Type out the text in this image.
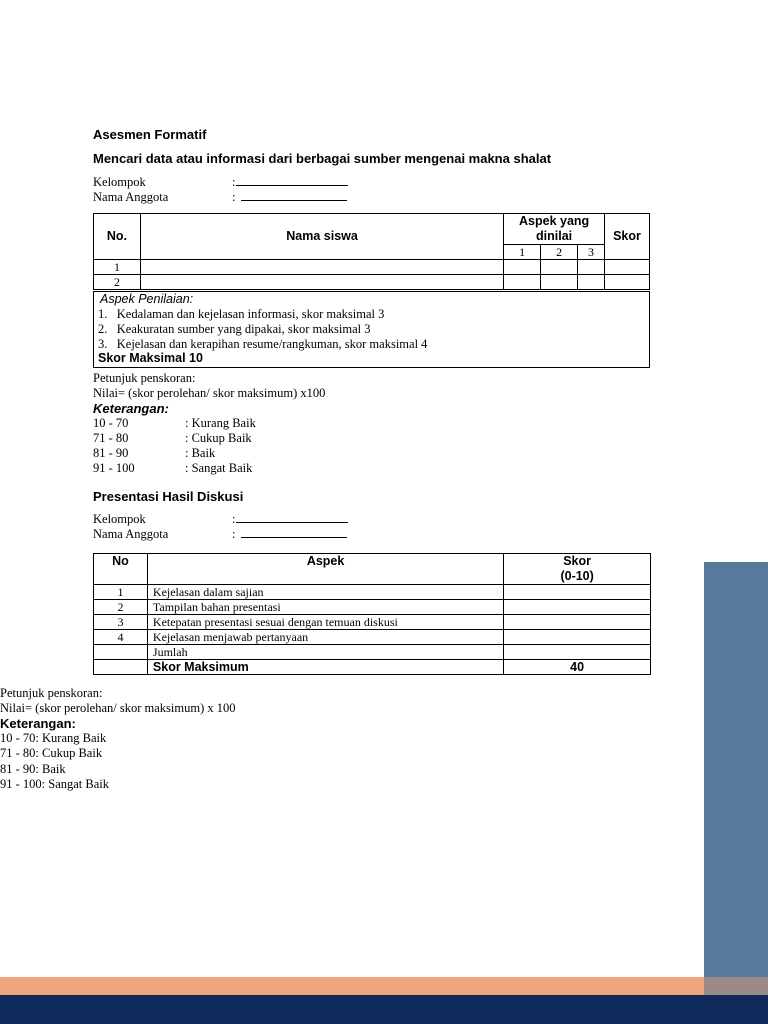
Asesmen Formatif
Mencari data atau informasi dari berbagai sumber mengenai makna shalat
Kelompok	:
Nama Anggota	:
No.	Nama siswa	Aspek yang dinilai			Skor
		1	2	3	
1					
2					
Aspek Penilaian:
1.   Kedalaman dan kejelasan informasi, skor maksimal 3
2.   Keakuratan sumber yang dipakai, skor maksimal 3
3.   Kejelasan dan kerapihan resume/rangkuman, skor maksimal 4
Skor Maksimal 10
Petunjuk penskoran:
Nilai= (skor perolehan/ skor maksimum) x100
Keterangan:
10 - 70	: Kurang Baik
71 - 80	: Cukup Baik
81 - 90	: Baik
91 - 100	: Sangat Baik
Presentasi Hasil Diskusi
Kelompok	:
Nama Anggota	:
No	Aspek	Skor
(0-10)

1	Kejelasan dalam sajian	
2	Tampilan bahan presentasi	
3	Ketepatan presentasi sesuai dengan temuan diskusi	
4	Kejelasan menjawab pertanyaan	
	Jumlah	
	Skor Maksimum	40
Petunjuk penskoran:
Nilai= (skor perolehan/ skor maksimum) x 100
Keterangan:
10 - 70: Kurang Baik
71 - 80: Cukup Baik
81 - 90: Baik
91 - 100: Sangat Baik
